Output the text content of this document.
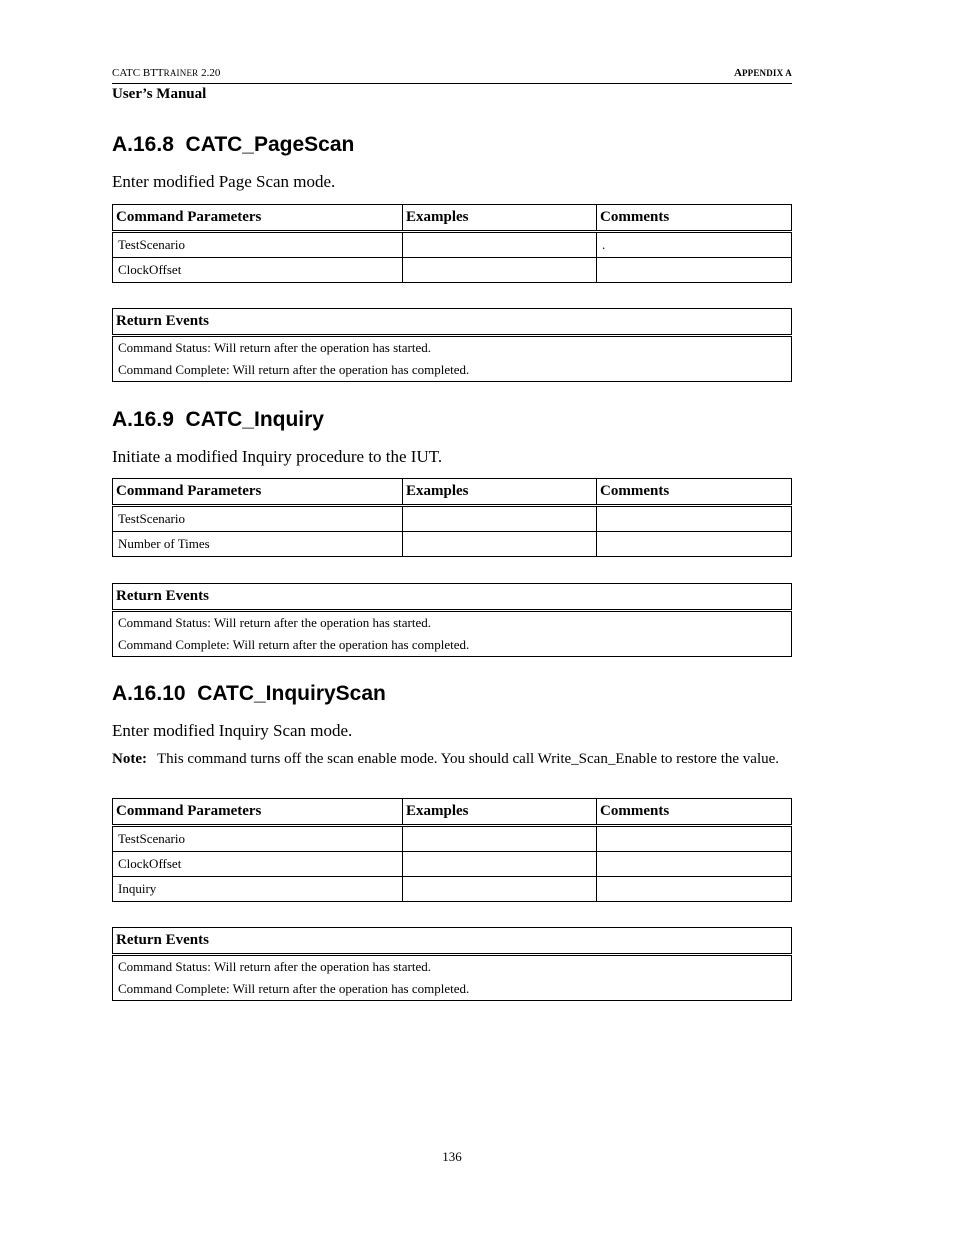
CATC BTTRAINER 2.20	APPENDIX A
User’s Manual
A.16.8  CATC_PageScan

Enter modified Page Scan mode.

Command Parameters	Examples	Comments
TestScenario		.
ClockOffset		
Return Events
Command Status: Will return after the operation has started.
Command Complete: Will return after the operation has completed.
A.16.9  CATC_Inquiry

Initiate a modified Inquiry procedure to the IUT.

Command Parameters	Examples	Comments
TestScenario		
Number of Times		
Return Events
Command Status: Will return after the operation has started.
Command Complete: Will return after the operation has completed.
A.16.10  CATC_InquiryScan

Enter modified Inquiry Scan mode.

Note: This command turns off the scan enable mode. You should call Write_Scan_Enable to restore the value.
Command Parameters	Examples	Comments
TestScenario		
ClockOffset		
Inquiry		
Return Events
Command Status: Will return after the operation has started.
Command Complete: Will return after the operation has completed.
136
